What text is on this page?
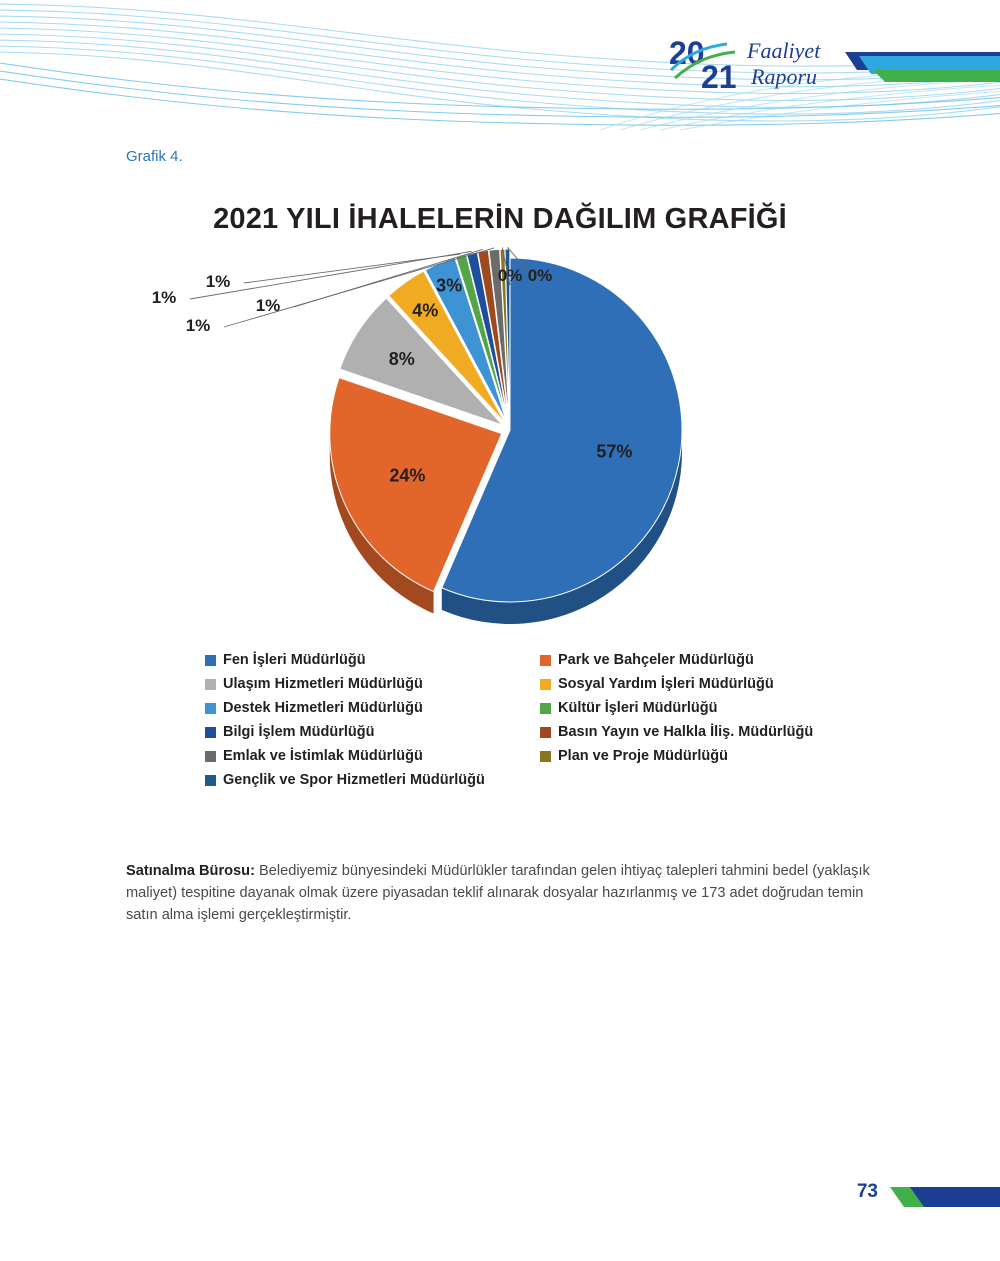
20
21
Faaliyet
Raporu
Grafik 4.
2021 YILI İHALELERİN DAĞILIM GRAFİĞİ
57%
24%
8%
4%
3%
1%
1%	1%
1%
0% 0%
Fen İşleri Müdürlüğü
Ulaşım Hizmetleri Müdürlüğü
Destek Hizmetleri Müdürlüğü
Bilgi İşlem Müdürlüğü
Emlak ve İstimlak Müdürlüğü
Gençlik ve Spor Hizmetleri Müdürlüğü
Park ve Bahçeler Müdürlüğü
Sosyal Yardım İşleri Müdürlüğü
Kültür İşleri Müdürlüğü
Basın Yayın ve Halkla İliş. Müdürlüğü
Plan ve Proje Müdürlüğü
Satınalma Bürosu: Belediyemiz bünyesindeki Müdürlükler tarafından gelen ihtiyaç talepleri tahmini bedel (yaklaşık maliyet) tespitine dayanak olmak üzere piyasadan teklif alınarak dosyalar hazırlanmış ve 173 adet doğrudan temin satın alma işlemi gerçekleştirmiştir.
73
